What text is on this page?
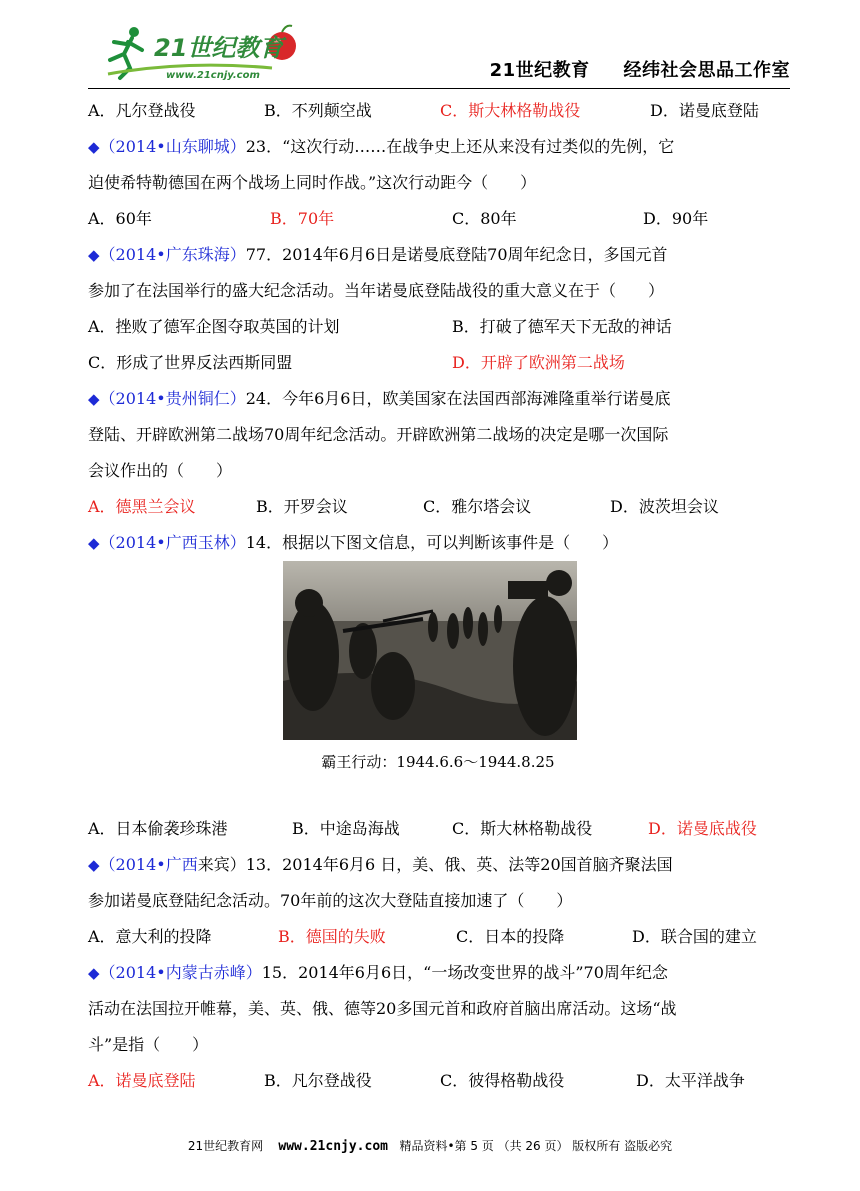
21世纪教育
www.21cnjy.com	21世纪教育 经纬社会思品工作室
A．凡尔登战役	B．不列颠空战	C．斯大林格勒战役	D．诺曼底登陆
◆（2014•山东聊城）23．“这次行动……在战争史上还从来没有过类似的先例，它
迫使希特勒德国在两个战场上同时作战。”这次行动距今（　　）
A．60年	B．70年	C．80年	D．90年
◆（2014•广东珠海）77．2014年6月6日是诺曼底登陆70周年纪念日，多国元首
参加了在法国举行的盛大纪念活动。当年诺曼底登陆战役的重大意义在于（　　）
A．挫败了德军企图夺取英国的计划	B．打破了德军天下无敌的神话
C．形成了世界反法西斯同盟	D．开辟了欧洲第二战场
◆（2014•贵州铜仁）24．今年6月6日，欧美国家在法国西部海滩隆重举行诺曼底
登陆、开辟欧洲第二战场70周年纪念活动。开辟欧洲第二战场的决定是哪一次国际
会议作出的（　　）
A．德黑兰会议	B．开罗会议	C．雅尔塔会议	D．波茨坦会议
◆（2014•广西玉林）14．根据以下图文信息，可以判断该事件是（　　）
霸王行动：1944.6.6～1944.8.25
A．日本偷袭珍珠港	B．中途岛海战	C．斯大林格勒战役	D．诺曼底战役
◆（2014•广西来宾）13．2014年6月6 日，美、俄、英、法等20国首脑齐聚法国
参加诺曼底登陆纪念活动。70年前的这次大登陆直接加速了（　　）
A．意大利的投降	B．德国的失败	C．日本的投降	D．联合国的建立
◆（2014•内蒙古赤峰）15．2014年6月6日，“一场改变世界的战斗”70周年纪念
活动在法国拉开帷幕，美、英、俄、德等20多国元首和政府首脑出席活动。这场“战
斗”是指（　　）
A．诺曼底登陆	B．凡尔登战役	C．彼得格勒战役	D．太平洋战争
21世纪教育网 www.21cnjy.com 精品资料•第 5 页 （共 26 页） 版权所有 盗版必究
